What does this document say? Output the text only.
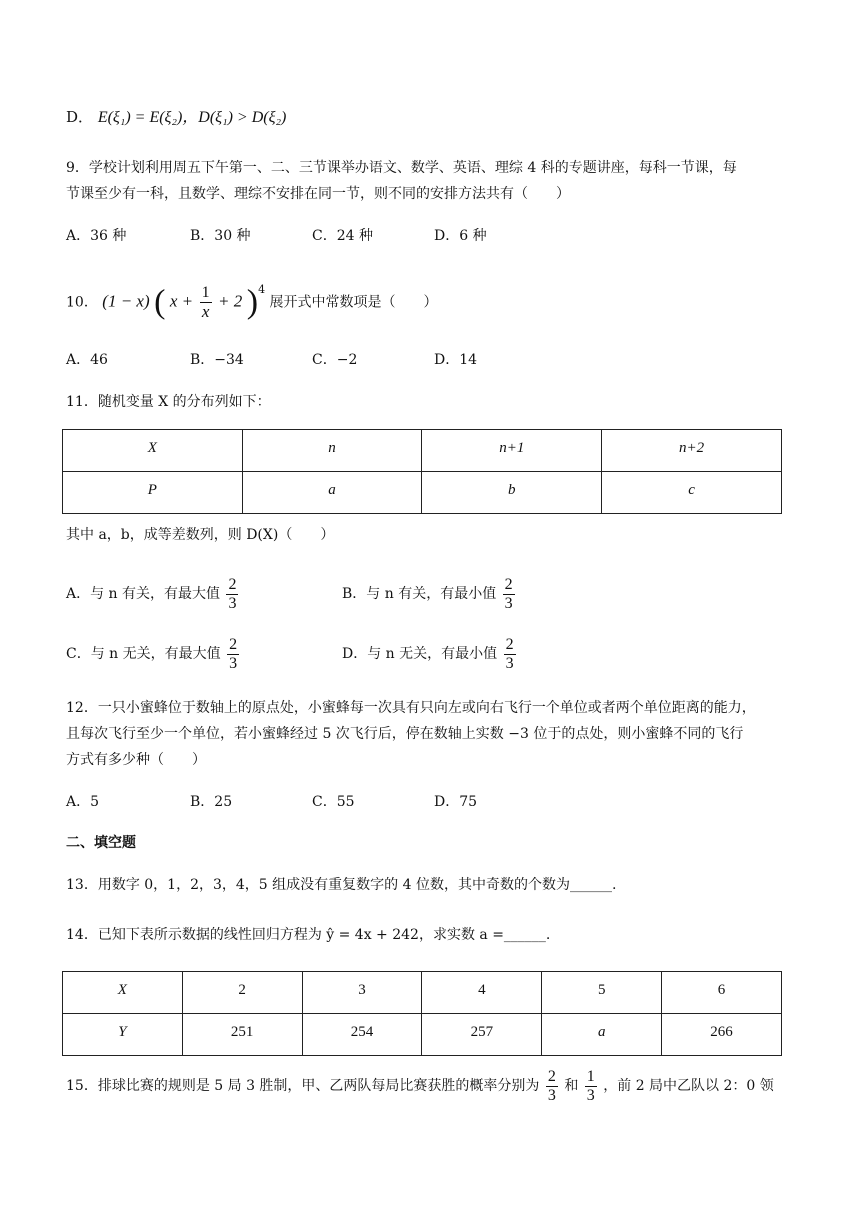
D． E(ξ₁) = E(ξ₂)，D(ξ₁) > D(ξ₂)
9．学校计划利用周五下午第一、二、三节课举办语文、数学、英语、理综 4 科的专题讲座，每科一节课，每
节课至少有一科，且数学、理综不安排在同一节，则不同的安排方法共有（　　）
A．36 种	B．30 种	C．24 种	D．6 种
10． (1 − x) ( $x + \frac{1}{x} + 2$ )$^4$ 展开式中常数项是（　　）
A．46	B．−34	C．−2	D．14
11．随机变量 X 的分布列如下：
X	n	n+1	n+2
P	a	b	c
其中 a，b，成等差数列，则 D(X)（　　）
A．与 n 有关，有最大值 $\frac{2}{3}$	B．与 n 有关，有最小值 $\frac{2}{3}$
C．与 n 无关，有最大值 $\frac{2}{3}$	D．与 n 无关，有最小值 $\frac{2}{3}$
12．一只小蜜蜂位于数轴上的原点处，小蜜蜂每一次具有只向左或向右飞行一个单位或者两个单位距离的能力，
且每次飞行至少一个单位，若小蜜蜂经过 5 次飞行后，停在数轴上实数 −3 位于的点处，则小蜜蜂不同的飞行
方式有多少种（　　）
A．5	B．25	C．55	D．75
二、填空题
13．用数字 0，1，2，3，4，5 组成没有重复数字的 4 位数，其中奇数的个数为______.
14．已知下表所示数据的线性回归方程为 ŷ = 4x + 242，求实数 a =______.
X	2	3	4	5	6
Y	251	254	257	a	266
15．排球比赛的规则是 5 局 3 胜制，甲、乙两队每局比赛获胜的概率分别为 $\frac{2}{3}$ 和 $\frac{1}{3}$ ，前 2 局中乙队以 2：0 领
